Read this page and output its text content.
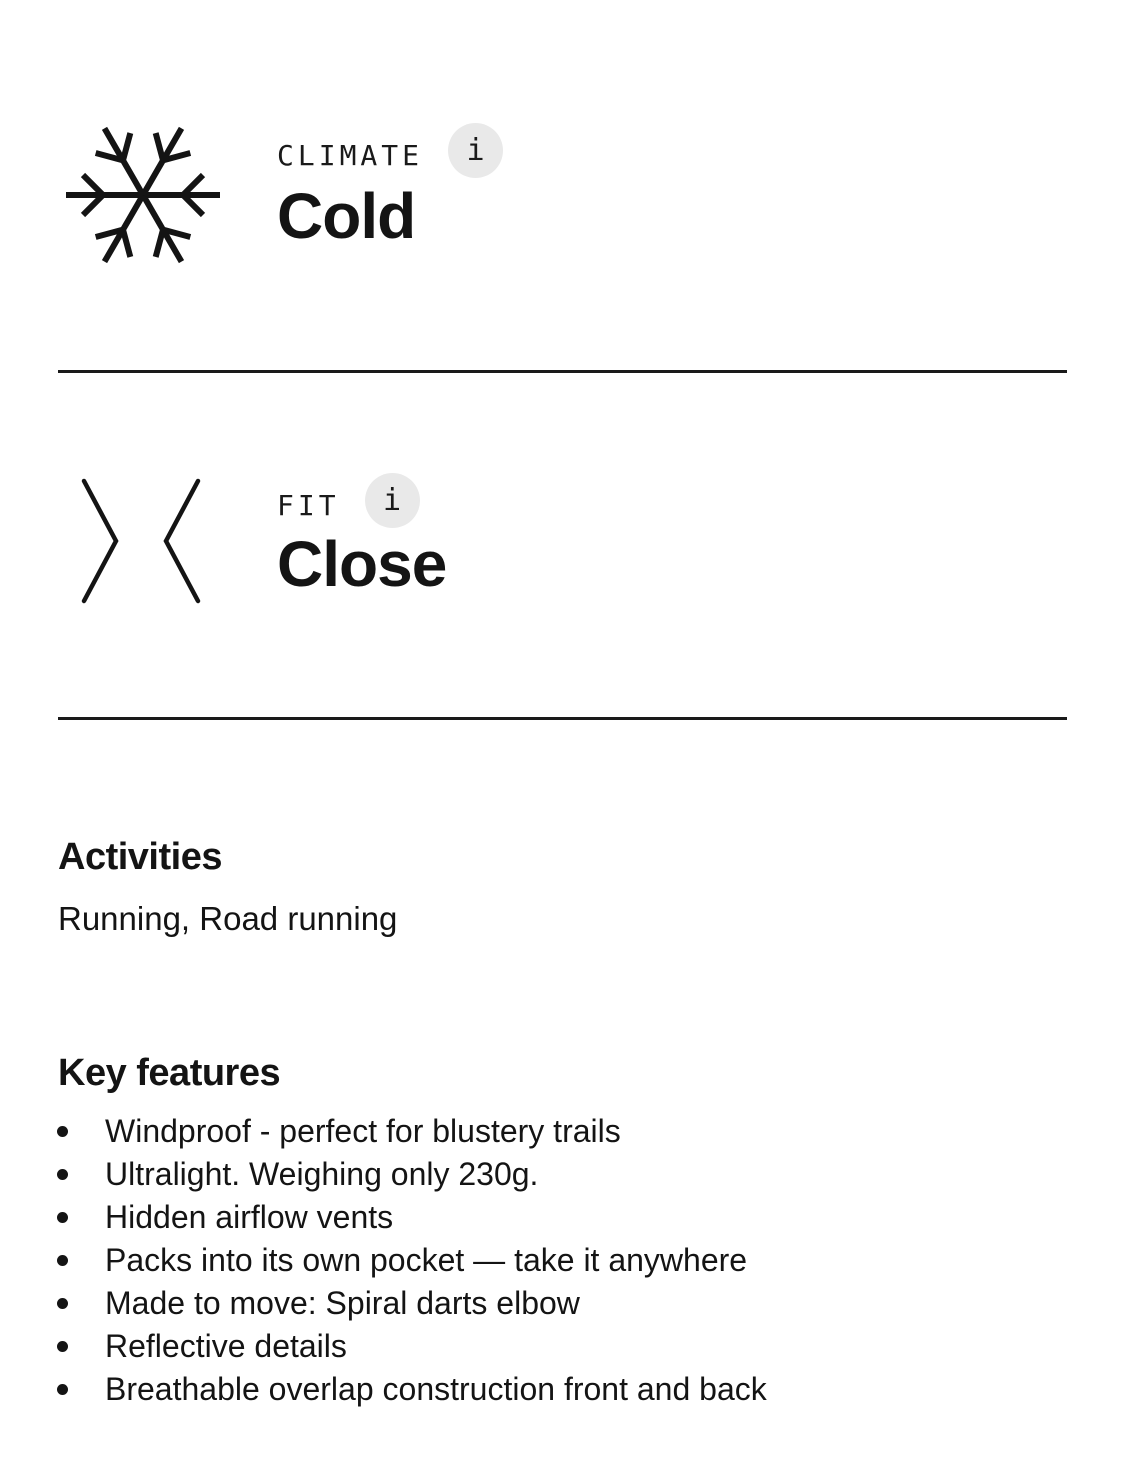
CLIMATE i
Cold
FIT i
Close
Activities

Running, Road running

Key features
Windproof - perfect for blustery trails
Ultralight. Weighing only 230g.
Hidden airflow vents
Packs into its own pocket — take it anywhere
Made to move: Spiral darts elbow
Reflective details
Breathable overlap construction front and back
